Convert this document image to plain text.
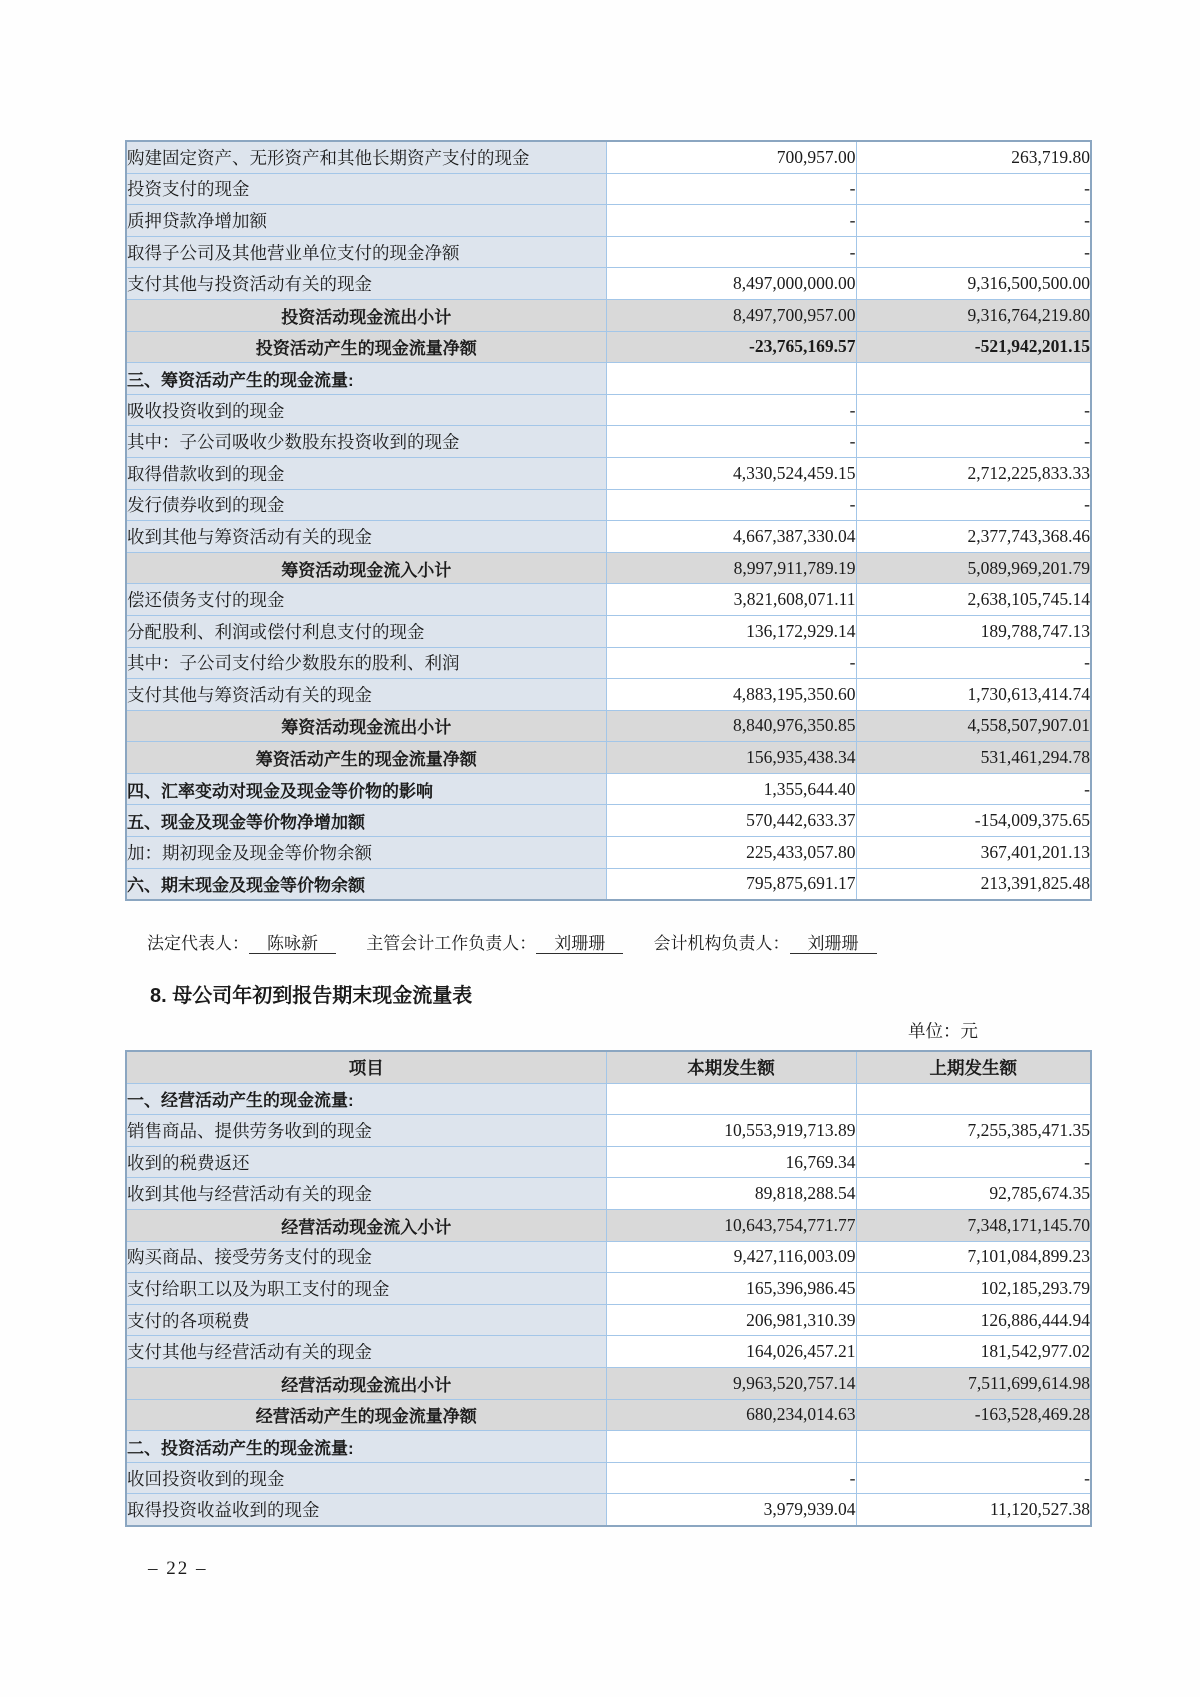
购建固定资产、无形资产和其他长期资产支付的现金	700,957.00	263,719.80
投资支付的现金	-	-
质押贷款净增加额	-	-
取得子公司及其他营业单位支付的现金净额	-	-
支付其他与投资活动有关的现金	8,497,000,000.00	9,316,500,500.00
投资活动现金流出小计	8,497,700,957.00	9,316,764,219.80
投资活动产生的现金流量净额	-23,765,169.57	-521,942,201.15
三、筹资活动产生的现金流量:		
吸收投资收到的现金	-	-
其中：子公司吸收少数股东投资收到的现金	-	-
取得借款收到的现金	4,330,524,459.15	2,712,225,833.33
发行债券收到的现金	-	-
收到其他与筹资活动有关的现金	4,667,387,330.04	2,377,743,368.46
筹资活动现金流入小计	8,997,911,789.19	5,089,969,201.79
偿还债务支付的现金	3,821,608,071.11	2,638,105,745.14
分配股利、利润或偿付利息支付的现金	136,172,929.14	189,788,747.13
其中：子公司支付给少数股东的股利、利润	-	-
支付其他与筹资活动有关的现金	4,883,195,350.60	1,730,613,414.74
筹资活动现金流出小计	8,840,976,350.85	4,558,507,907.01
筹资活动产生的现金流量净额	156,935,438.34	531,461,294.78
四、汇率变动对现金及现金等价物的影响	1,355,644.40	-
五、现金及现金等价物净增加额	570,442,633.37	-154,009,375.65
加：期初现金及现金等价物余额	225,433,057.80	367,401,201.13
六、期末现金及现金等价物余额	795,875,691.17	213,391,825.48
法定代表人： 陈咏新	主管会计工作负责人： 刘珊珊	会计机构负责人： 刘珊珊
8. 母公司年初到报告期末现金流量表
单位：元
项目	本期发生额	上期发生额
一、经营活动产生的现金流量:		
销售商品、提供劳务收到的现金	10,553,919,713.89	7,255,385,471.35
收到的税费返还	16,769.34	-
收到其他与经营活动有关的现金	89,818,288.54	92,785,674.35
经营活动现金流入小计	10,643,754,771.77	7,348,171,145.70
购买商品、接受劳务支付的现金	9,427,116,003.09	7,101,084,899.23
支付给职工以及为职工支付的现金	165,396,986.45	102,185,293.79
支付的各项税费	206,981,310.39	126,886,444.94
支付其他与经营活动有关的现金	164,026,457.21	181,542,977.02
经营活动现金流出小计	9,963,520,757.14	7,511,699,614.98
经营活动产生的现金流量净额	680,234,014.63	-163,528,469.28
二、投资活动产生的现金流量:		
收回投资收到的现金	-	-
取得投资收益收到的现金	3,979,939.04	11,120,527.38
– 22 –
